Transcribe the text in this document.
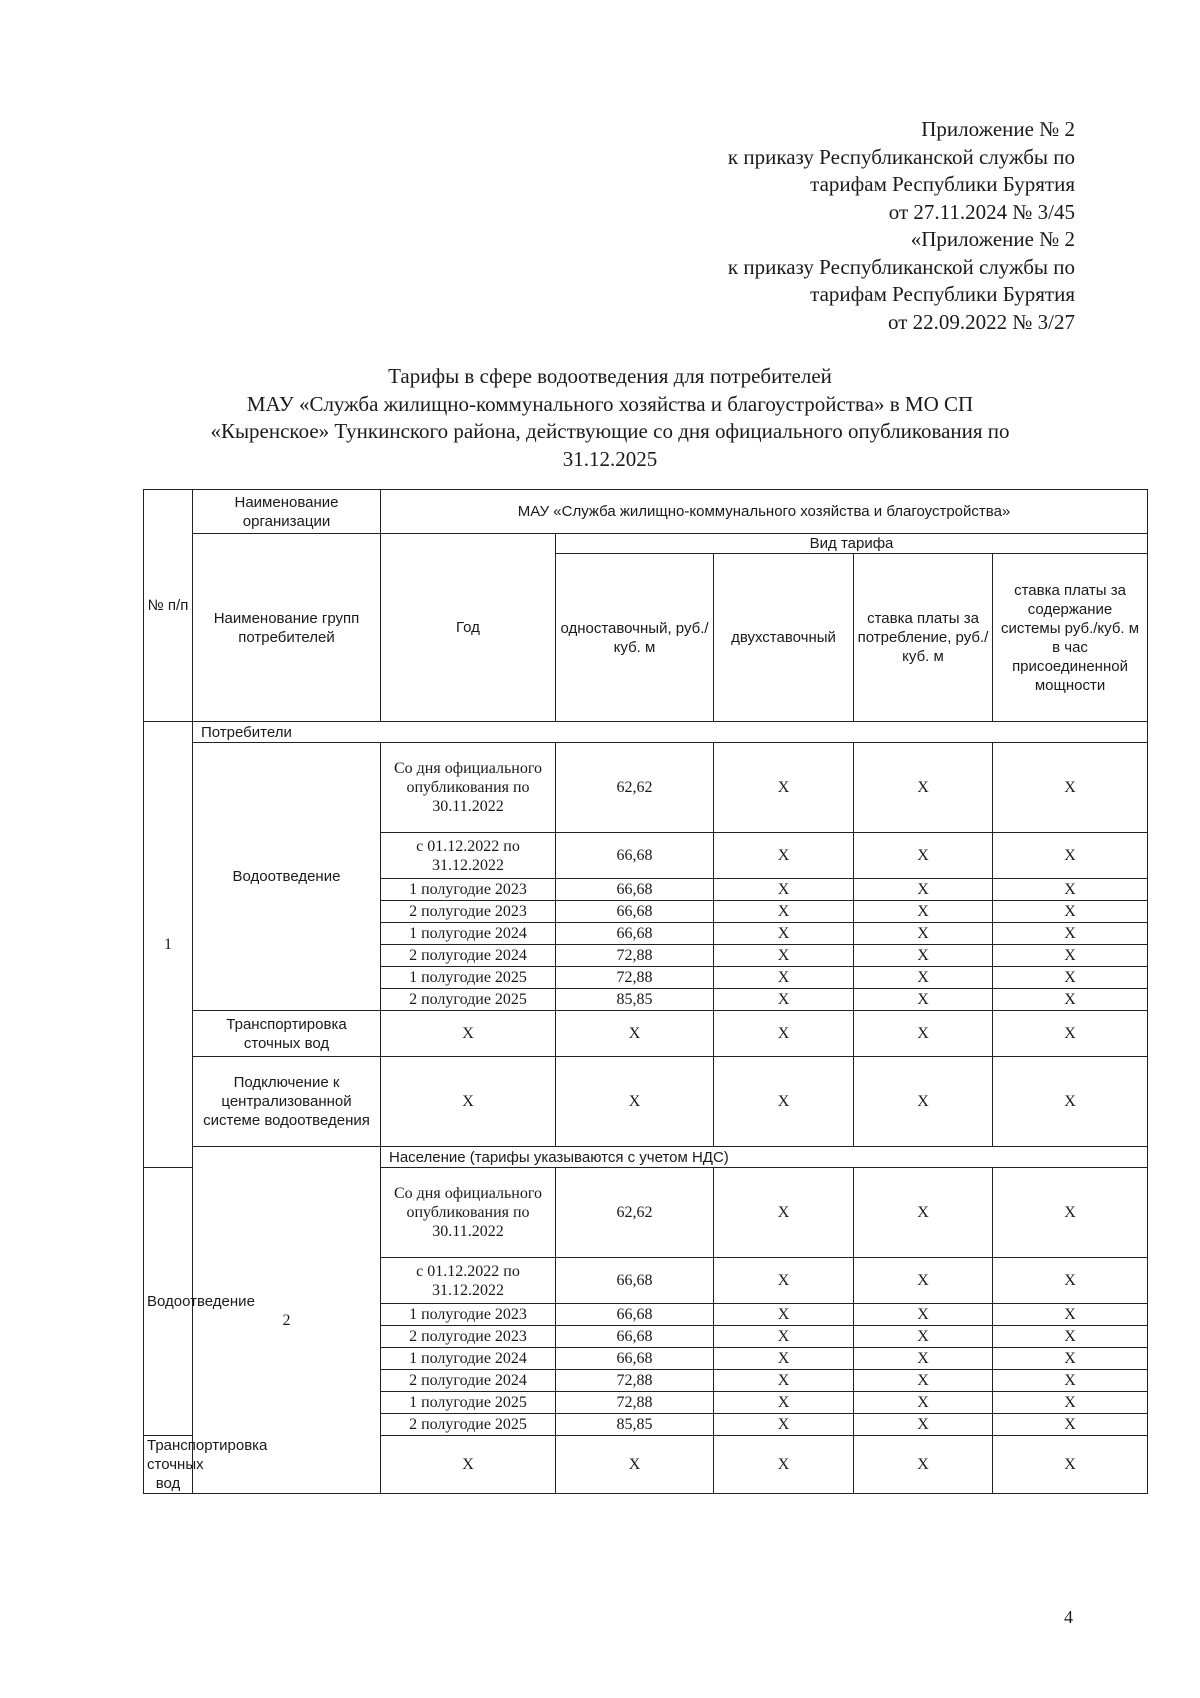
Приложение № 2
к приказу Республиканской службы по
тарифам Республики Бурятия
от 27.11.2024 № 3/45
«Приложение № 2
к приказу Республиканской службы по
тарифам Республики Бурятия
от 22.09.2022 № 3/27
Тарифы в сфере водоотведения для потребителей
МАУ «Служба жилищно-коммунального хозяйства и благоустройства» в МО СП
«Кыренское» Тункинского района, действующие со дня официального опубликования по
31.12.2025
№ п/п	Наименование организации	МАУ «Служба жилищно-коммунального хозяйства и благоустройства»				
	Наименование групп потребителей	Год	Вид тарифа			
			одноставочный, руб./ куб. м	двухставочный	ставка платы за потребление, руб./ куб. м	ставка платы за содержание системы руб./куб. м в час присоединенной мощности
1	Потребители					
	Водоотведение	Со дня официального опубликования по 30.11.2022	62,62	X	X	X
		с 01.12.2022 по 31.12.2022	66,68	X	X	X
		1 полугодие 2023	66,68	X	X	X
		2 полугодие 2023	66,68	X	X	X
		1 полугодие 2024	66,68	X	X	X
		2 полугодие 2024	72,88	X	X	X
		1 полугодие 2025	72,88	X	X	X
		2 полугодие 2025	85,85	X	X	X
	Транспортировка сточных вод	X	X	X	X	X
	Подключение к централизованной системе водоотведения	X	X	X	X	X
	2	Население (тарифы указываются с учетом НДС)				
Водоотведение		Со дня официального опубликования по 30.11.2022	62,62	X	X	X
		с 01.12.2022 по 31.12.2022	66,68	X	X	X
		1 полугодие 2023	66,68	X	X	X
		2 полугодие 2023	66,68	X	X	X
		1 полугодие 2024	66,68	X	X	X
		2 полугодие 2024	72,88	X	X	X
		1 полугодие 2025	72,88	X	X	X
		2 полугодие 2025	85,85	X	X	X
Транспортировка сточных вод		X	X	X	X	X
4
